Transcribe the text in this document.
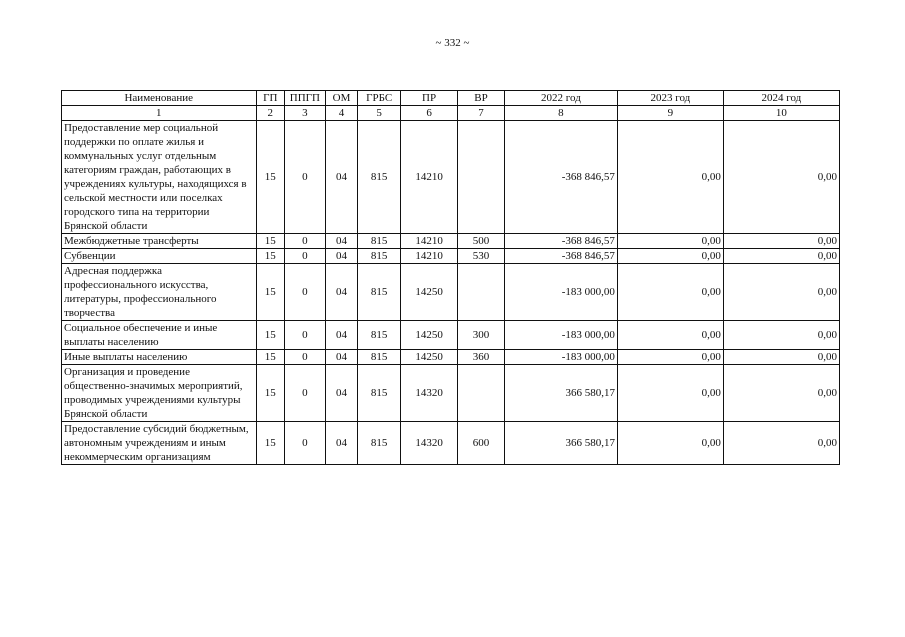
~ 332 ~
Наименование	ГП	ППГП	ОМ	ГРБС	ПР	ВР	2022 год	2023 год	2024 год
1	2	3	4	5	6	7	8	9	10
Предоставление мер социальной поддержки по оплате жилья и коммунальных услуг отдельным категориям граждан, работающих в учреждениях культуры, находящихся в сельской местности или поселках городского типа на территории Брянской области	15	0	04	815	14210		-368 846,57	0,00	0,00
Межбюджетные трансферты	15	0	04	815	14210	500	-368 846,57	0,00	0,00
Субвенции	15	0	04	815	14210	530	-368 846,57	0,00	0,00
Адресная поддержка профессионального искусства, литературы, профессионального творчества	15	0	04	815	14250		-183 000,00	0,00	0,00
Социальное обеспечение и иные выплаты населению	15	0	04	815	14250	300	-183 000,00	0,00	0,00
Иные выплаты населению	15	0	04	815	14250	360	-183 000,00	0,00	0,00
Организация и проведение общественно-значимых мероприятий, проводимых учреждениями культуры Брянской области	15	0	04	815	14320		366 580,17	0,00	0,00
Предоставление субсидий бюджетным, автономным учреждениям и иным некоммерческим организациям	15	0	04	815	14320	600	366 580,17	0,00	0,00
